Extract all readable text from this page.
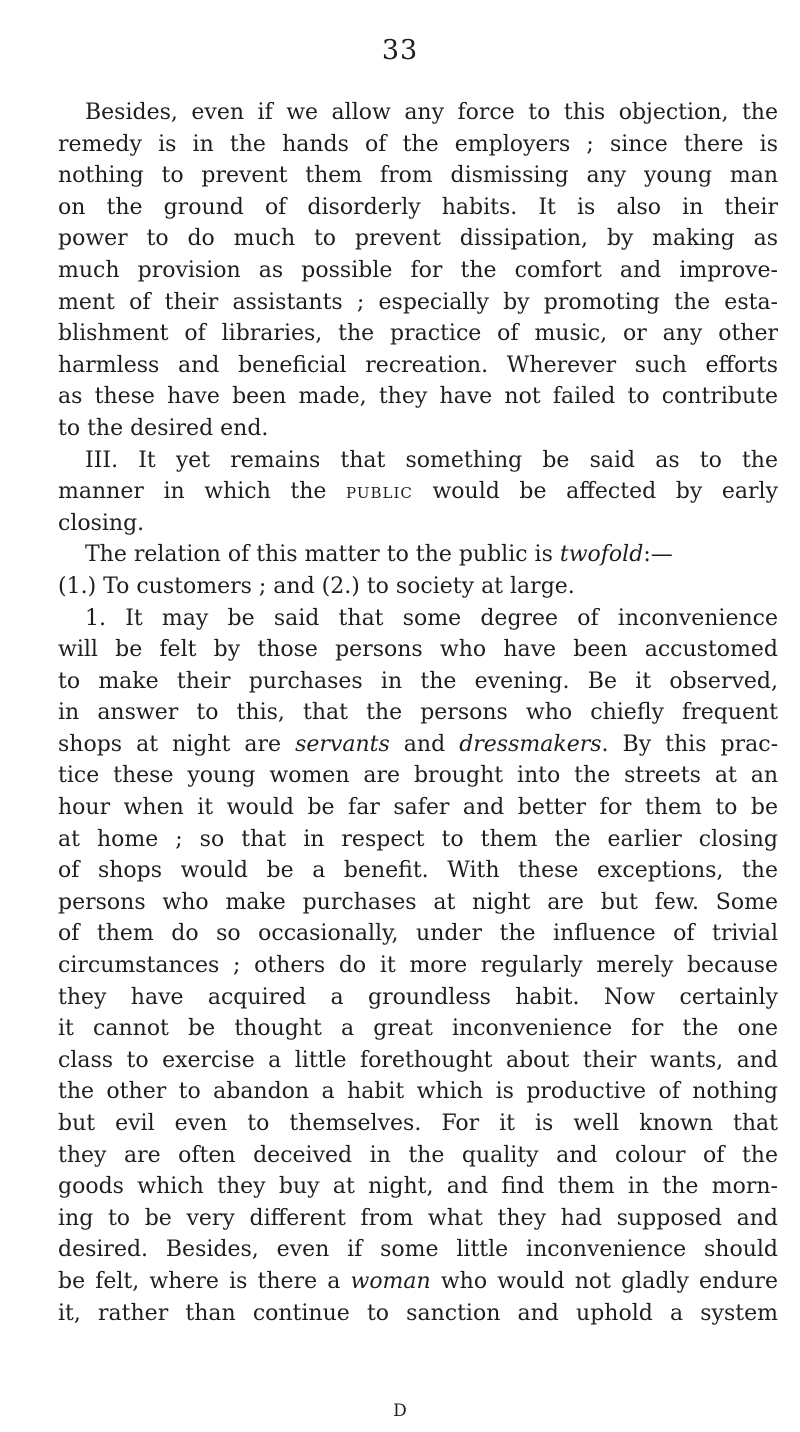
33
Besides, even if we allow any force to this objection, the
remedy is in the hands of the employers ; since there is
nothing to prevent them from dismissing any young man
on the ground of disorderly habits. It is also in their
power to do much to prevent dissipation, by making as
much provision as possible for the comfort and improve-
ment of their assistants ; especially by promoting the esta-
blishment of libraries, the practice of music, or any other
harmless and beneficial recreation. Wherever such efforts
as these have been made, they have not failed to contribute
to the desired end.
III. It yet remains that something be said as to the
manner in which the public would be affected by early
closing.
The relation of this matter to the public is twofold:—
(1.) To customers ; and (2.) to society at large.
1. It may be said that some degree of inconvenience
will be felt by those persons who have been accustomed
to make their purchases in the evening. Be it observed,
in answer to this, that the persons who chiefly frequent
shops at night are servants and dressmakers. By this prac-
tice these young women are brought into the streets at an
hour when it would be far safer and better for them to be
at home ; so that in respect to them the earlier closing
of shops would be a benefit. With these exceptions, the
persons who make purchases at night are but few. Some
of them do so occasionally, under the influence of trivial
circumstances ; others do it more regularly merely because
they have acquired a groundless habit. Now certainly
it cannot be thought a great inconvenience for the one
class to exercise a little forethought about their wants, and
the other to abandon a habit which is productive of nothing
but evil even to themselves. For it is well known that
they are often deceived in the quality and colour of the
goods which they buy at night, and find them in the morn-
ing to be very different from what they had supposed and
desired. Besides, even if some little inconvenience should
be felt, where is there a woman who would not gladly endure
it, rather than continue to sanction and uphold a system
D
